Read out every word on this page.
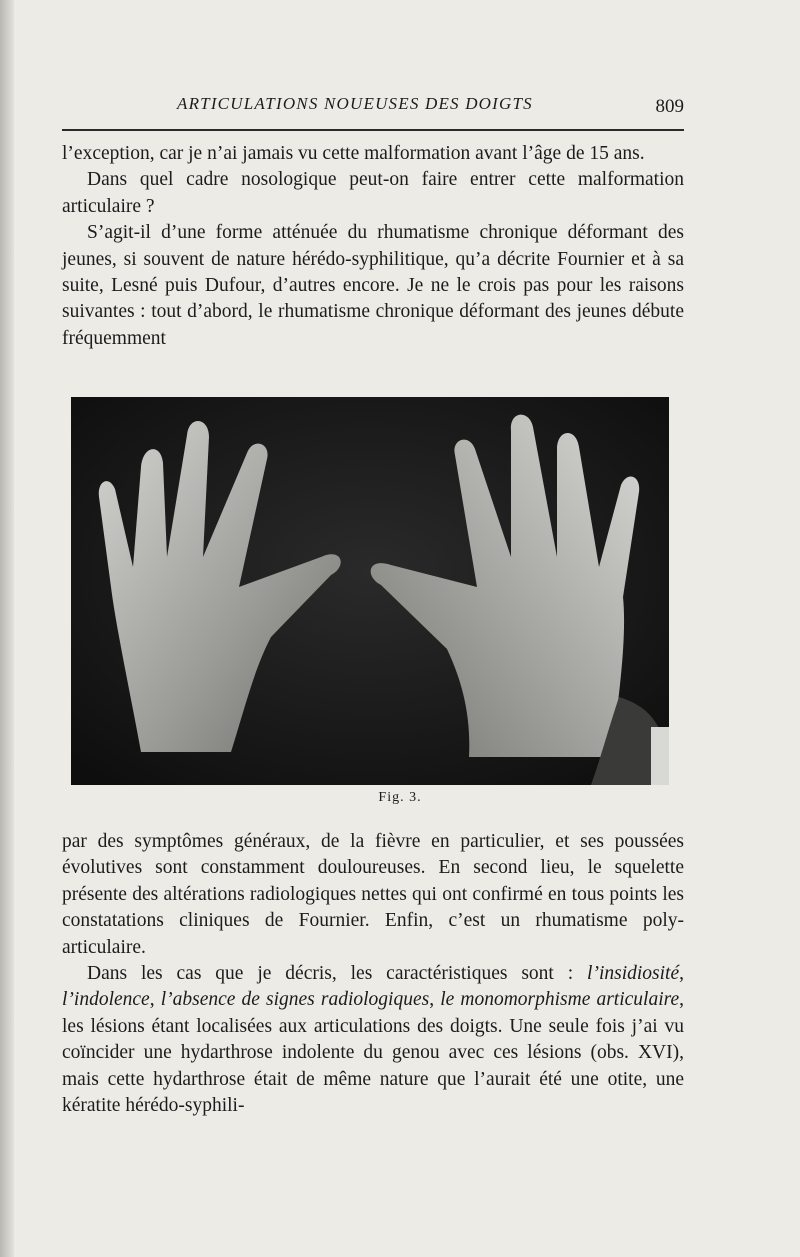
ARTICULATIONS NOUEUSES DES DOIGTS	809

l’exception, car je n’ai jamais vu cette malformation avant l’âge de 15 ans.

Dans quel cadre nosologique peut-on faire entrer cette malformation articulaire ?

S’agit-il d’une forme atténuée du rhumatisme chronique déformant des jeunes, si souvent de nature hérédo-syphilitique, qu’a décrite Fournier et à sa suite, Lesné puis Dufour, d’autres encore. Je ne le crois pas pour les raisons suivantes : tout d’abord, le rhumatisme chronique déformant des jeunes débute fréquemment

Fig. 3.

par des symptômes généraux, de la fièvre en particulier, et ses poussées évolutives sont constamment douloureuses. En second lieu, le squelette présente des altérations radiologiques nettes qui ont confirmé en tous points les constatations cliniques de Fournier. Enfin, c’est un rhumatisme poly-articulaire.

Dans les cas que je décris, les caractéristiques sont : l’insidiosité, l’indolence, l’absence de signes radiologiques, le monomorphisme articulaire, les lésions étant localisées aux articulations des doigts. Une seule fois j’ai vu coïncider une hydarthrose indolente du genou avec ces lésions (obs. XVI), mais cette hydarthrose était de même nature que l’aurait été une otite, une kératite hérédo-syphili-
